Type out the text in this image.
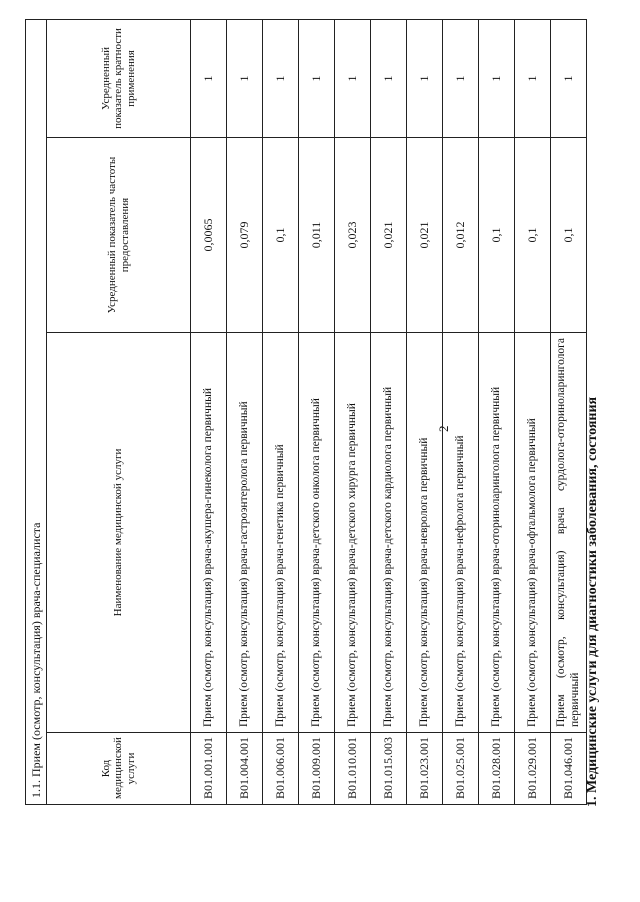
2	1. Медицинские услуги для диагностики заболевания, состояния
1.1. Прием (осмотр, консультация) врача-специалиста			
Код медицинской услуги	Наименование медицинской услуги	Усредненный показатель частоты предоставления	Усредненный показатель кратности применения
B01.001.001	Прием (осмотр, консультация) врача-акушера-гинеколога первичный	0,0065	1
B01.004.001	Прием (осмотр, консультация) врача-гастроэнтеролога первичный	0,079	1
B01.006.001	Прием (осмотр, консультация) врача-генетика первичный	0,1	1
B01.009.001	Прием (осмотр, консультация) врача-детского онколога первичный	0,011	1
B01.010.001	Прием (осмотр, консультация) врача-детского хирурга первичный	0,023	1
B01.015.003	Прием (осмотр, консультация) врача-детского кардиолога первичный	0,021	1
B01.023.001	Прием (осмотр, консультация) врача-невролога первичный	0,021	1
B01.025.001	Прием (осмотр, консультация) врача-нефролога первичный	0,012	1
B01.028.001	Прием (осмотр, консультация) врача-оториноларинголога первичный	0,1	1
B01.029.001	Прием (осмотр, консультация) врача-офтальмолога первичный	0,1	1
B01.046.001	Прием (осмотр, консультация) врача сурдолога-оториноларинголога первичный	0,1	1
